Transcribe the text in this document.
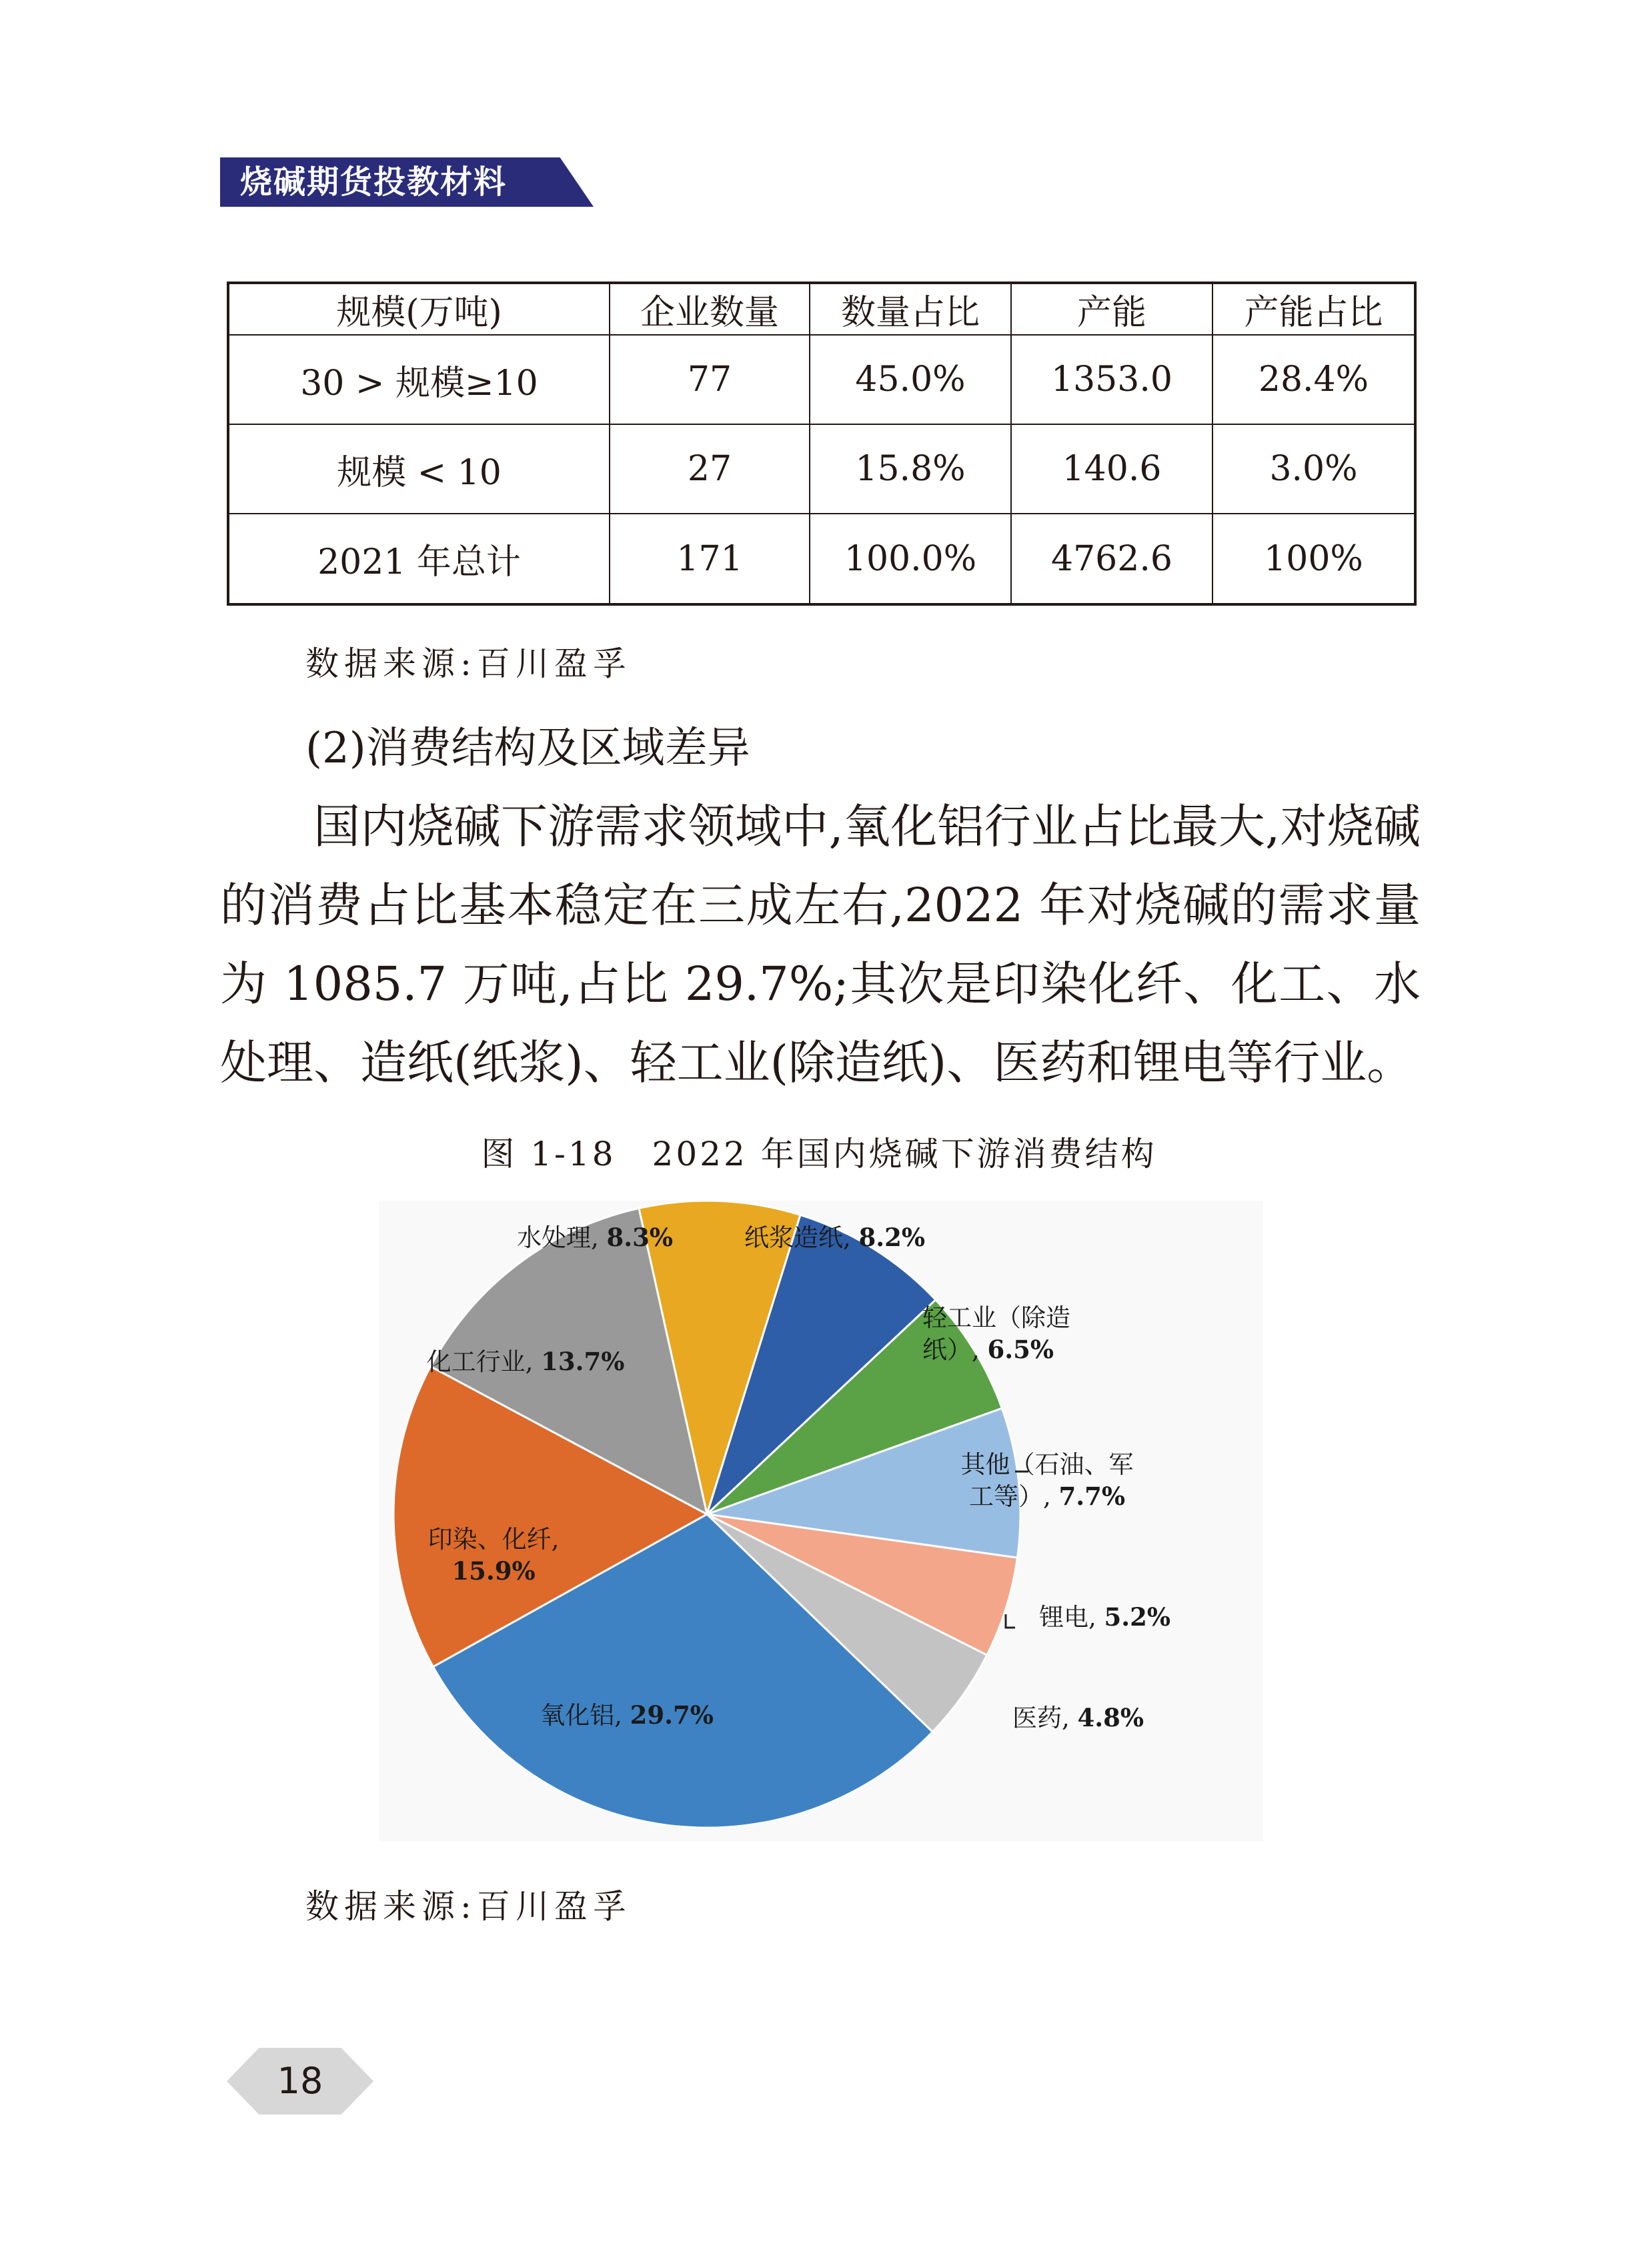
烧碱期货投教材料
规模(万吨)	企业数量	数量占比	产能	产能占比
30 > 规模≥10	77	45.0%	1353.0	28.4%
规模 < 10	27	15.8%	140.6	3.0%
2021 年总计	171	100.0%	4762.6	100%
数据来源:百川盈孚
(2)消费结构及区域差异

国内烧碱下游需求领域中,氧化铝行业占比最大,对烧碱的消费占比基本稳定在三成左右,2022 年对烧碱的需求量为 1085.7 万吨,占比 29.7%;其次是印染化纤、化工、水处理、造纸(纸浆)、轻工业(除造纸)、医药和锂电等行业。

图 1-18　2022 年国内烧碱下游消费结构
水处理, 8.3%	纸浆造纸, 8.2%
轻工业（除造纸）, 6.5%
其他（石油、军工等）, 7.7%
锂电, 5.2%
医药, 4.8%
氧化铝, 29.7%
印染、化纤, 15.9%
化工行业, 13.7%
数据来源:百川盈孚
18
